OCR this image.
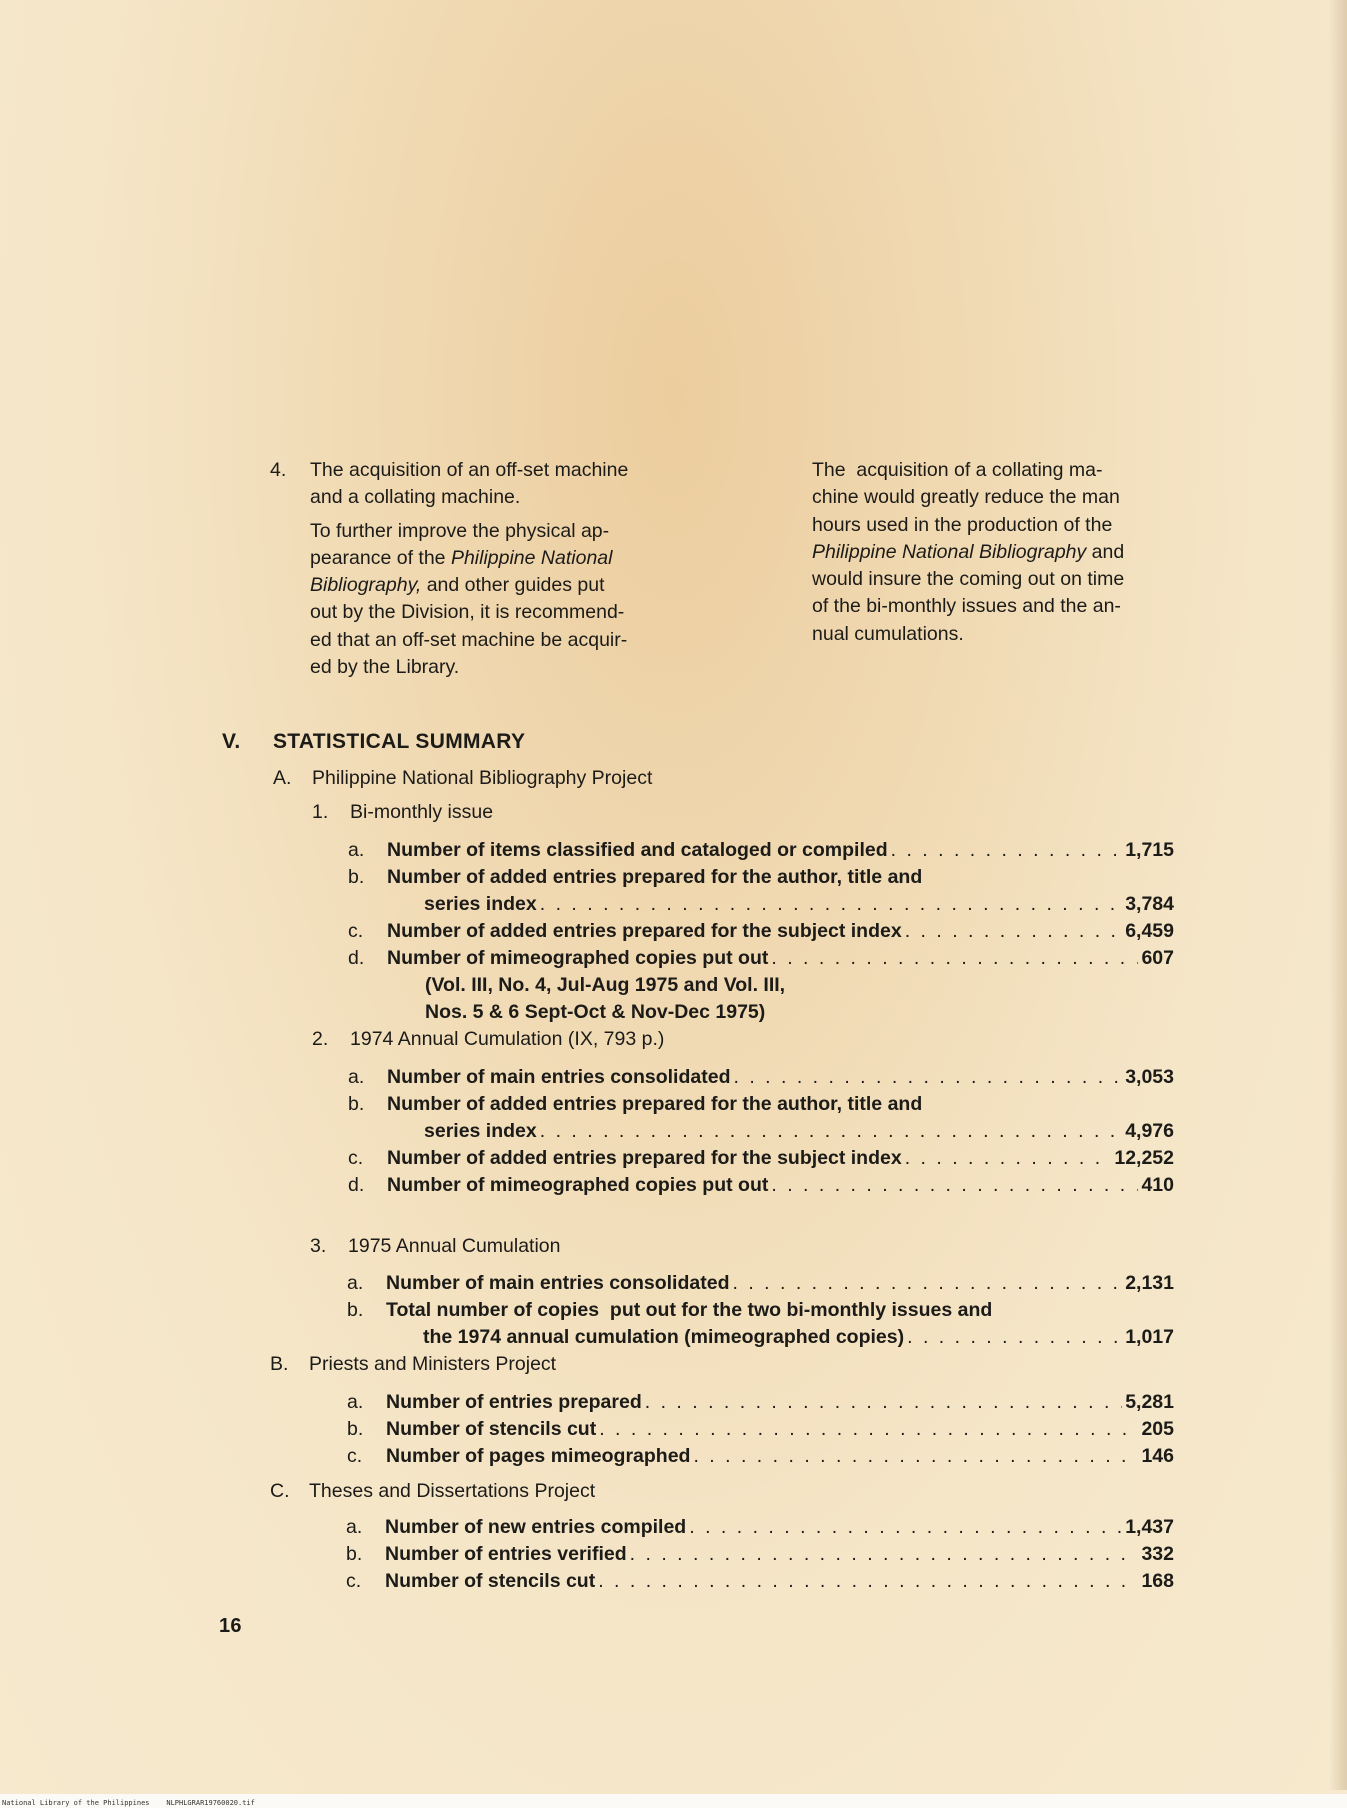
4. The acquisition of an off-set machine

and a collating machine.

To further improve the physical ap-

pearance of the Philippine National

Bibliography, and other guides put

out by the Division, it is recommend-

ed that an off-set machine be acquir-

ed by the Library.

The  acquisition of a collating ma-

chine would greatly reduce the man

hours used in the production of the

Philippine National Bibliography and

would insure the coming out on time

of the bi-monthly issues and the an-

nual cumulations.

V. STATISTICAL SUMMARY
A. Philippine National Bibliography Project
1. Bi-monthly issue
a. Number of items classified and cataloged or compiled . . .	1,715
b. Number of added entries prepared for the author, title and
series index . . .	3,784
c. Number of added entries prepared for the subject index . . .	6,459
d. Number of mimeographed copies put out . . .	607
(Vol. III, No. 4, Jul-Aug 1975 and Vol. III,
Nos. 5 & 6 Sept-Oct & Nov-Dec 1975)
2. 1974 Annual Cumulation (IX, 793 p.)
a. Number of main entries consolidated . . .	3,053
b. Number of added entries prepared for the author, title and
series index . . .	4,976
c. Number of added entries prepared for the subject index . . .	12,252
d. Number of mimeographed copies put out . . .	410
3. 1975 Annual Cumulation
a. Number of main entries consolidated . . .	2,131
b. Total number of copies  put out for the two bi-monthly issues and
the 1974 annual cumulation (mimeographed copies) . . .	1,017
B. Priests and Ministers Project
a. Number of entries prepared . . .	5,281
b. Number of stencils cut . . .	205
c. Number of pages mimeographed . . .	146
C. Theses and Dissertations Project
a. Number of new entries compiled . . .	1,437
b. Number of entries verified . . .	332
c. Number of stencils cut . . .	168
16
National Library of the Philippines    NLPHLGRAR19760020.tif
